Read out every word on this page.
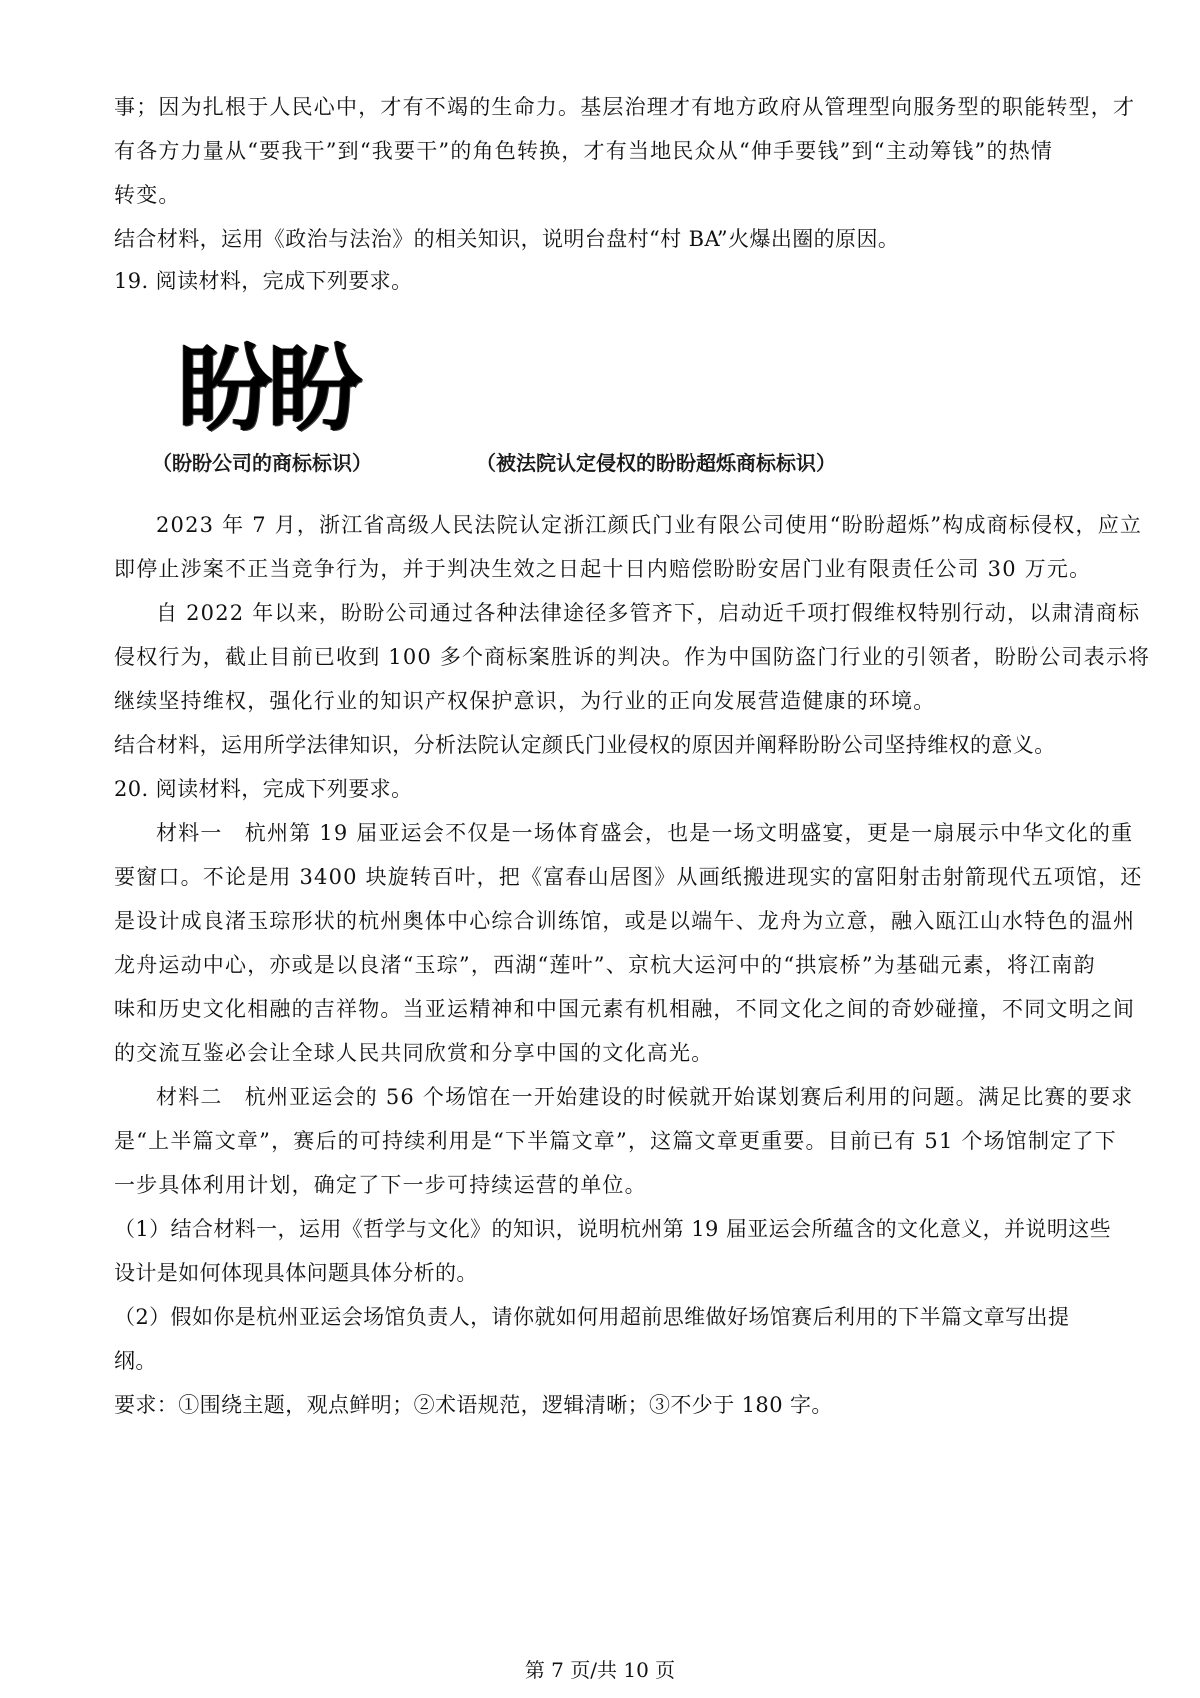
事；因为扎根于人民心中，才有不竭的生命力。基层治理才有地方政府从管理型向服务型的职能转型，才
有各方力量从“要我干”到“我要干”的角色转换，才有当地民众从“伸手要钱”到“主动筹钱”的热情
转变。
结合材料，运用《政治与法治》的相关知识，说明台盘村“村 BA”火爆出圈的原因。
19. 阅读材料，完成下列要求。
盼盼
（盼盼公司的商标标识）	（被法院认定侵权的盼盼超烁商标标识）
2023 年 7 月，浙江省高级人民法院认定浙江颜氏门业有限公司使用“盼盼超烁”构成商标侵权，应立
即停止涉案不正当竞争行为，并于判决生效之日起十日内赔偿盼盼安居门业有限责任公司 30 万元。
自 2022 年以来，盼盼公司通过各种法律途径多管齐下，启动近千项打假维权特别行动，以肃清商标
侵权行为，截止目前已收到 100 多个商标案胜诉的判决。作为中国防盗门行业的引领者，盼盼公司表示将
继续坚持维权，强化行业的知识产权保护意识，为行业的正向发展营造健康的环境。
结合材料，运用所学法律知识，分析法院认定颜氏门业侵权的原因并阐释盼盼公司坚持维权的意义。
20. 阅读材料，完成下列要求。
材料一　杭州第 19 届亚运会不仅是一场体育盛会，也是一场文明盛宴，更是一扇展示中华文化的重
要窗口。不论是用 3400 块旋转百叶，把《富春山居图》从画纸搬进现实的富阳射击射箭现代五项馆，还
是设计成良渚玉琮形状的杭州奥体中心综合训练馆，或是以端午、龙舟为立意，融入瓯江山水特色的温州
龙舟运动中心，亦或是以良渚“玉琮”，西湖“莲叶”、京杭大运河中的“拱宸桥”为基础元素，将江南韵
味和历史文化相融的吉祥物。当亚运精神和中国元素有机相融，不同文化之间的奇妙碰撞，不同文明之间
的交流互鉴必会让全球人民共同欣赏和分享中国的文化高光。
材料二　杭州亚运会的 56 个场馆在一开始建设的时候就开始谋划赛后利用的问题。满足比赛的要求
是“上半篇文章”，赛后的可持续利用是“下半篇文章”，这篇文章更重要。目前已有 51 个场馆制定了下
一步具体利用计划，确定了下一步可持续运营的单位。
（1）结合材料一，运用《哲学与文化》的知识，说明杭州第 19 届亚运会所蕴含的文化意义，并说明这些
设计是如何体现具体问题具体分析的。
（2）假如你是杭州亚运会场馆负责人，请你就如何用超前思维做好场馆赛后利用的下半篇文章写出提
纲。
要求：①围绕主题，观点鲜明；②术语规范，逻辑清晰；③不少于 180 字。
第 7 页/共 10 页
